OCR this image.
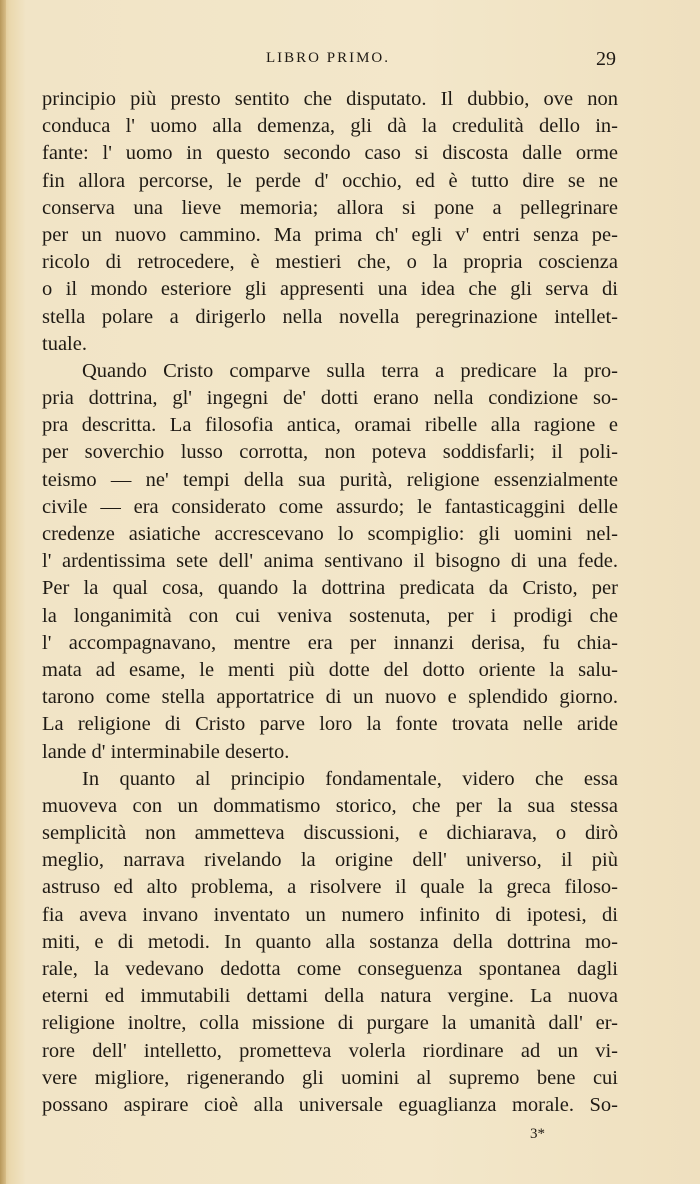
LIBRO PRIMO.	29
principio più presto sentito che disputato. Il dubbio, ove non
conduca l' uomo alla demenza, gli dà la credulità dello in-
fante: l' uomo in questo secondo caso si discosta dalle orme
fin allora percorse, le perde d' occhio, ed è tutto dire se ne
conserva una lieve memoria; allora si pone a pellegrinare
per un nuovo cammino. Ma prima ch' egli v' entri senza pe-
ricolo di retrocedere, è mestieri che, o la propria coscienza
o il mondo esteriore gli appresenti una idea che gli serva di
stella polare a dirigerlo nella novella peregrinazione intellet-
tuale.
Quando Cristo comparve sulla terra a predicare la pro-
pria dottrina, gl' ingegni de' dotti erano nella condizione so-
pra descritta. La filosofia antica, oramai ribelle alla ragione e
per soverchio lusso corrotta, non poteva soddisfarli; il poli-
teismo — ne' tempi della sua purità, religione essenzialmente
civile — era considerato come assurdo; le fantasticaggini delle
credenze asiatiche accrescevano lo scompiglio: gli uomini nel-
l' ardentissima sete dell' anima sentivano il bisogno di una fede.
Per la qual cosa, quando la dottrina predicata da Cristo, per
la longanimità con cui veniva sostenuta, per i prodigi che
l' accompagnavano, mentre era per innanzi derisa, fu chia-
mata ad esame, le menti più dotte del dotto oriente la salu-
tarono come stella apportatrice di un nuovo e splendido giorno.
La religione di Cristo parve loro la fonte trovata nelle aride
lande d' interminabile deserto.
In quanto al principio fondamentale, videro che essa
muoveva con un dommatismo storico, che per la sua stessa
semplicità non ammetteva discussioni, e dichiarava, o dirò
meglio, narrava rivelando la origine dell' universo, il più
astruso ed alto problema, a risolvere il quale la greca filoso-
fia aveva invano inventato un numero infinito di ipotesi, di
miti, e di metodi. In quanto alla sostanza della dottrina mo-
rale, la vedevano dedotta come conseguenza spontanea dagli
eterni ed immutabili dettami della natura vergine. La nuova
religione inoltre, colla missione di purgare la umanità dall' er-
rore dell' intelletto, prometteva volerla riordinare ad un vi-
vere migliore, rigenerando gli uomini al supremo bene cui
possano aspirare cioè alla universale eguaglianza morale. So-
3*
